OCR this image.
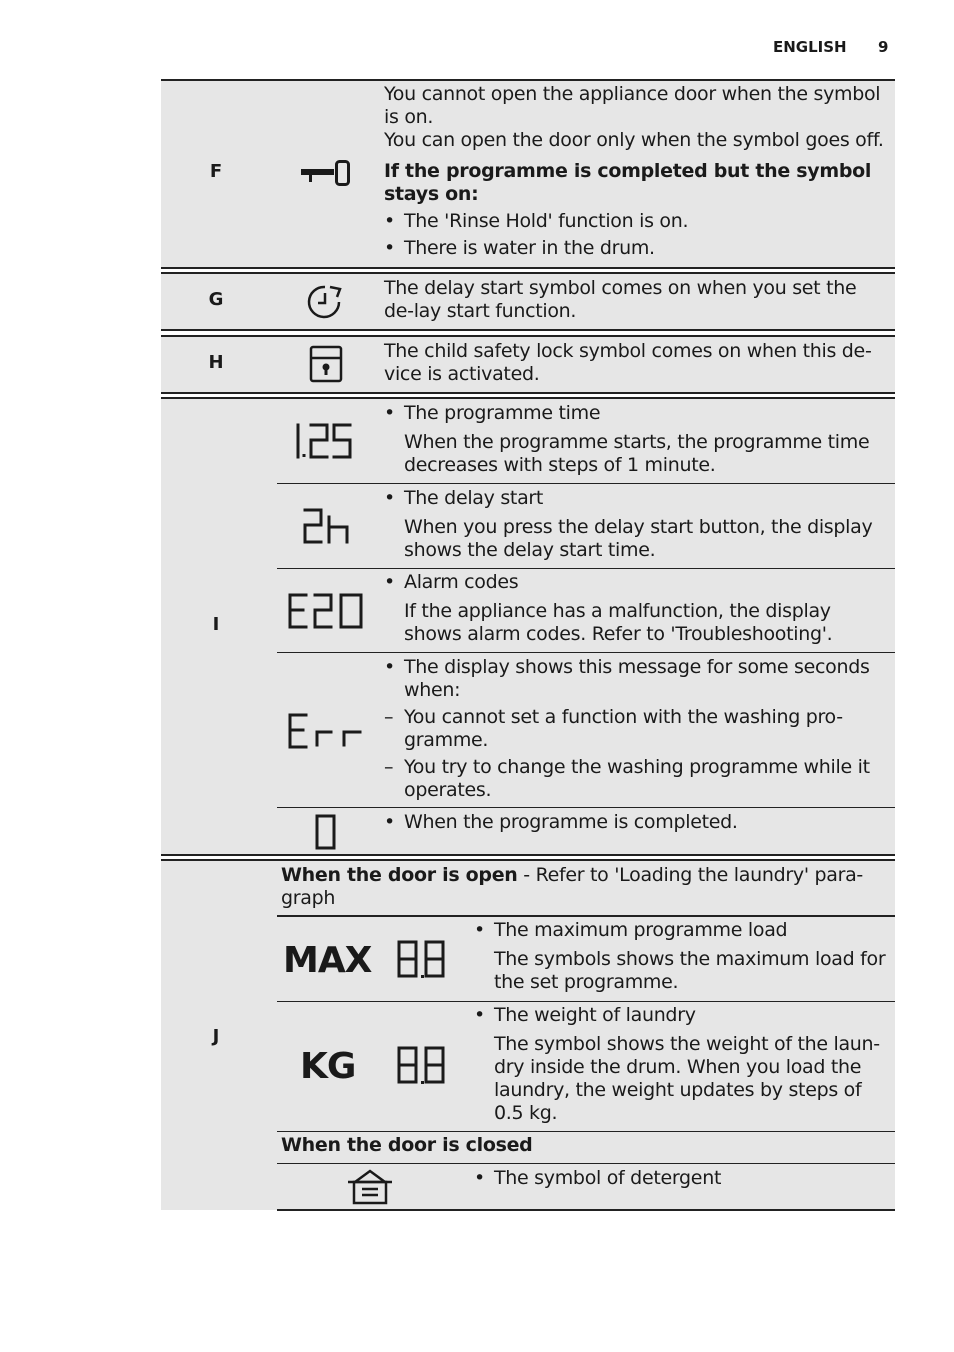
ENGLISH 9
F

You cannot open the appliance door when the symbol is on.

You can open the door only when the symbol goes off.

If the programme is completed but the symbol stays on:

• The 'Rinse Hold' function is on.

• There is water in the drum.

G
The delay start symbol comes on when you set the de-lay start function.
H
The child safety lock symbol comes on when this de-vice is activated.
I

• The programme time

When the programme starts, the programme time decreases with steps of 1 minute.

• The delay start

When you press the delay start button, the display shows the delay start time.

• Alarm codes

If the appliance has a malfunction, the display shows alarm codes. Refer to 'Troubleshooting'.

• The display shows this message for some seconds when:

– You cannot set a function with the washing pro-gramme.

– You try to change the washing programme while it operates.

• When the programme is completed.

J
When the door is open - Refer to 'Loading the laundry' para-graph
MAX

• The maximum programme load

The symbols shows the maximum load for the set programme.

KG

• The weight of laundry

The symbol shows the weight of the laun-dry inside the drum. When you load the laundry, the weight updates by steps of 0.5 kg.

When the door is closed

• The symbol of detergent
